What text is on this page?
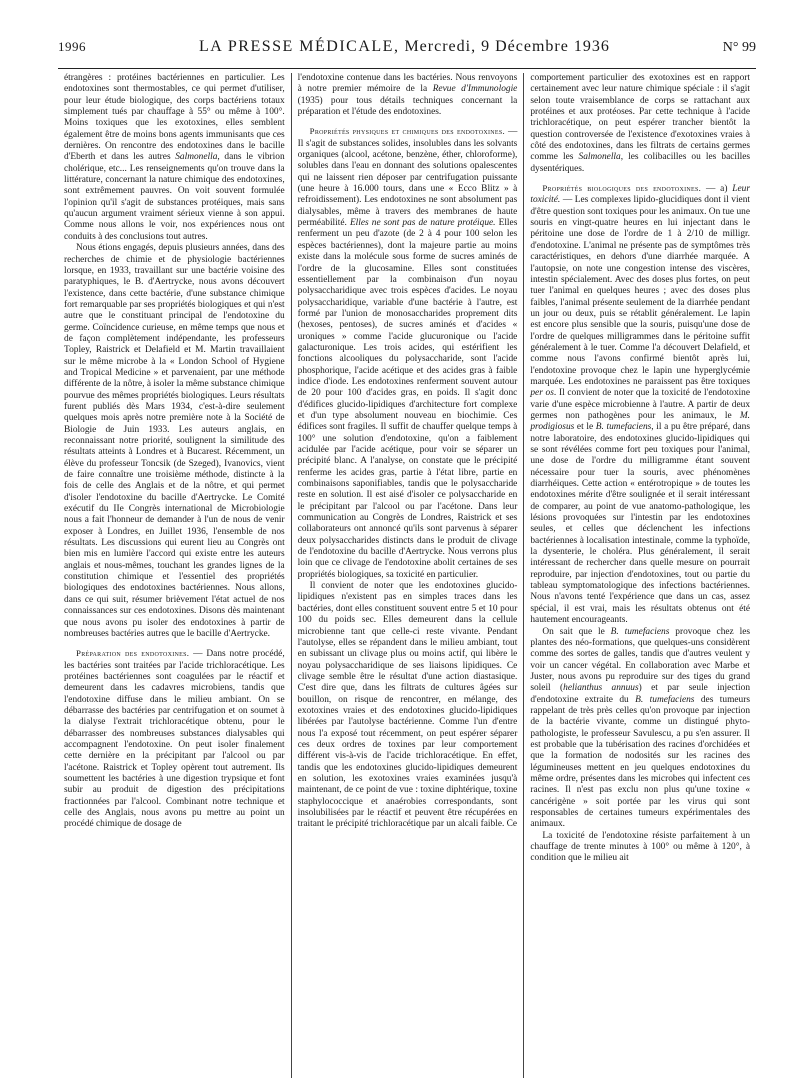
1996	LA PRESSE MÉDICALE, Mercredi, 9 Décembre 1936	N° 99

étrangères : protéines bactériennes en particulier. Les endotoxines sont thermostables, ce qui permet d'utiliser, pour leur étude biologique, des corps bactériens totaux simplement tués par chauffage à 55° ou même à 100°. Moins toxiques que les exotoxines, elles semblent également être de moins bons agents immunisants que ces dernières. On rencontre des endotoxines dans le bacille d'Eberth et dans les autres Salmonella, dans le vibrion cholérique, etc... Les renseignements qu'on trouve dans la littérature, concernant la nature chimique des endotoxines, sont extrêmement pauvres. On voit souvent formulée l'opinion qu'il s'agit de substances protéiques, mais sans qu'aucun argument vraiment sérieux vienne à son appui. Comme nous allons le voir, nos expériences nous ont conduits à des conclusions tout autres.

Nous étions engagés, depuis plusieurs années, dans des recherches de chimie et de physiologie bactériennes lorsque, en 1933, travaillant sur une bactérie voisine des paratyphiques, le B. d'Aertrycke, nous avons découvert l'existence, dans cette bactérie, d'une substance chimique fort remarquable par ses propriétés biologiques et qui n'est autre que le constituant principal de l'endotoxine du germe. Coïncidence curieuse, en même temps que nous et de façon complètement indépendante, les professeurs Topley, Raistrick et Delafield et M. Martin travaillaient sur le même microbe à la « London School of Hygiene and Tropical Medicine » et parvenaient, par une méthode différente de la nôtre, à isoler la même substance chimique pourvue des mêmes propriétés biologiques. Leurs résultats furent publiés dès Mars 1934, c'est-à-dire seulement quelques mois après notre première note à la Société de Biologie de Juin 1933. Les auteurs anglais, en reconnaissant notre priorité, soulignent la similitude des résultats atteints à Londres et à Bucarest. Récemment, un élève du professeur Toncsik (de Szeged), Ivanovics, vient de faire connaître une troisième méthode, distincte à la fois de celle des Anglais et de la nôtre, et qui permet d'isoler l'endotoxine du bacille d'Aertrycke. Le Comité exécutif du IIe Congrès international de Microbiologie nous a fait l'honneur de demander à l'un de nous de venir exposer à Londres, en Juillet 1936, l'ensemble de nos résultats. Les discussions qui eurent lieu au Congrès ont bien mis en lumière l'accord qui existe entre les auteurs anglais et nous-mêmes, touchant les grandes lignes de la constitution chimique et l'essentiel des propriétés biologiques des endotoxines bactériennes. Nous allons, dans ce qui suit, résumer brièvement l'état actuel de nos connaissances sur ces endotoxines. Disons dès maintenant que nous avons pu isoler des endotoxines à partir de nombreuses bactéries autres que le bacille d'Aertrycke.

Préparation des endotoxines. — Dans notre procédé, les bactéries sont traitées par l'acide trichloracétique. Les protéines bactériennes sont coagulées par le réactif et demeurent dans les cadavres microbiens, tandis que l'endotoxine diffuse dans le milieu ambiant. On se débarrasse des bactéries par centrifugation et on soumet à la dialyse l'extrait trichloracétique obtenu, pour le débarrasser des nombreuses substances dialysables qui accompagnent l'endotoxine. On peut isoler finalement cette dernière en la précipitant par l'alcool ou par l'acétone. Raistrick et Topley opèrent tout autrement. Ils soumettent les bactéries à une digestion trypsique et font subir au produit de digestion des précipitations fractionnées par l'alcool. Combinant notre technique et celle des Anglais, nous avons pu mettre au point un procédé chimique de dosage de

l'endotoxine contenue dans les bactéries. Nous renvoyons à notre premier mémoire de la Revue d'Immunologie (1935) pour tous détails techniques concernant la préparation et l'étude des endotoxines.

Propriétés physiques et chimiques des endotoxines. — Il s'agit de substances solides, insolubles dans les solvants organiques (alcool, acétone, benzène, éther, chloroforme), solubles dans l'eau en donnant des solutions opalescentes qui ne laissent rien déposer par centrifugation puissante (une heure à 16.000 tours, dans une « Ecco Blitz » à refroidissement). Les endotoxines ne sont absolument pas dialysables, même à travers des membranes de haute perméabilité. Elles ne sont pas de nature protéique. Elles renferment un peu d'azote (de 2 à 4 pour 100 selon les espèces bactériennes), dont la majeure partie au moins existe dans la molécule sous forme de sucres aminés de l'ordre de la glucosamine. Elles sont constituées essentiellement par la combinaison d'un noyau polysaccharidique avec trois espèces d'acides. Le noyau polysaccharidique, variable d'une bactérie à l'autre, est formé par l'union de monosaccharides proprement dits (hexoses, pentoses), de sucres aminés et d'acides « uroniques » comme l'acide glucuronique ou l'acide galacturonique. Les trois acides, qui estérifient les fonctions alcooliques du polysaccharide, sont l'acide phosphorique, l'acide acétique et des acides gras à faible indice d'iode. Les endotoxines renferment souvent autour de 20 pour 100 d'acides gras, en poids. Il s'agit donc d'édifices glucido-lipidiques d'architecture fort complexe et d'un type absolument nouveau en biochimie. Ces édifices sont fragiles. Il suffit de chauffer quelque temps à 100° une solution d'endotoxine, qu'on a faiblement acidulée par l'acide acétique, pour voir se séparer un précipité blanc. A l'analyse, on constate que le précipité renferme les acides gras, partie à l'état libre, partie en combinaisons saponifiables, tandis que le polysaccharide reste en solution. Il est aisé d'isoler ce polysaccharide en le précipitant par l'alcool ou par l'acétone. Dans leur communication au Congrès de Londres, Raistrick et ses collaborateurs ont annoncé qu'ils sont parvenus à séparer deux polysaccharides distincts dans le produit de clivage de l'endotoxine du bacille d'Aertrycke. Nous verrons plus loin que ce clivage de l'endotoxine abolit certaines de ses propriétés biologiques, sa toxicité en particulier.

Il convient de noter que les endotoxines glucido-lipidiques n'existent pas en simples traces dans les bactéries, dont elles constituent souvent entre 5 et 10 pour 100 du poids sec. Elles demeurent dans la cellule microbienne tant que celle-ci reste vivante. Pendant l'autolyse, elles se répandent dans le milieu ambiant, tout en subissant un clivage plus ou moins actif, qui libère le noyau polysaccharidique de ses liaisons lipidiques. Ce clivage semble être le résultat d'une action diastasique. C'est dire que, dans les filtrats de cultures âgées sur bouillon, on risque de rencontrer, en mélange, des exotoxines vraies et des endotoxines glucido-lipidiques libérées par l'autolyse bactérienne. Comme l'un d'entre nous l'a exposé tout récemment, on peut espérer séparer ces deux ordres de toxines par leur comportement différent vis-à-vis de l'acide trichloracétique. En effet, tandis que les endotoxines glucido-lipidiques demeurent en solution, les exotoxines vraies examinées jusqu'à maintenant, de ce point de vue : toxine diphtérique, toxine staphylococcique et anaérobies correspondants, sont insolubilisées par le réactif et peuvent être récupérées en traitant le précipité trichloracétique par un alcali faible. Ce

comportement particulier des exotoxines est en rapport certainement avec leur nature chimique spéciale : il s'agit selon toute vraisemblance de corps se rattachant aux protéines et aux protéoses. Par cette technique à l'acide trichloracétique, on peut espérer trancher bientôt la question controversée de l'existence d'exotoxines vraies à côté des endotoxines, dans les filtrats de certains germes comme les Salmonella, les colibacilles ou les bacilles dysentériques.

Propriétés biologiques des endotoxines. — a) Leur toxicité. — Les complexes lipido-glucidiques dont il vient d'être question sont toxiques pour les animaux. On tue une souris en vingt-quatre heures en lui injectant dans le péritoine une dose de l'ordre de 1 à 2/10 de milligr. d'endotoxine. L'animal ne présente pas de symptômes très caractéristiques, en dehors d'une diarrhée marquée. A l'autopsie, on note une congestion intense des viscères, intestin spécialement. Avec des doses plus fortes, on peut tuer l'animal en quelques heures ; avec des doses plus faibles, l'animal présente seulement de la diarrhée pendant un jour ou deux, puis se rétablit généralement. Le lapin est encore plus sensible que la souris, puisqu'une dose de l'ordre de quelques milligrammes dans le péritoine suffit généralement à le tuer. Comme l'a découvert Delafield, et comme nous l'avons confirmé bientôt après lui, l'endotoxine provoque chez le lapin une hyperglycémie marquée. Les endotoxines ne paraissent pas être toxiques per os. Il convient de noter que la toxicité de l'endotoxine varie d'une espèce microbienne à l'autre. A partir de deux germes non pathogènes pour les animaux, le M. prodigiosus et le B. tumefaciens, il a pu être préparé, dans notre laboratoire, des endotoxines glucido-lipidiques qui se sont révélées comme fort peu toxiques pour l'animal, une dose de l'ordre du milligramme étant souvent nécessaire pour tuer la souris, avec phénomènes diarrhéiques. Cette action « entérotropique » de toutes les endotoxines mérite d'être soulignée et il serait intéressant de comparer, au point de vue anatomo-pathologique, les lésions provoquées sur l'intestin par les endotoxines seules, et celles que déclenchent les infections bactériennes à localisation intestinale, comme la typhoïde, la dysenterie, le choléra. Plus généralement, il serait intéressant de rechercher dans quelle mesure on pourrait reproduire, par injection d'endotoxines, tout ou partie du tableau symptomatologique des infections bactériennes. Nous n'avons tenté l'expérience que dans un cas, assez spécial, il est vrai, mais les résultats obtenus ont été hautement encourageants.

On sait que le B. tumefaciens provoque chez les plantes des néo-formations, que quelques-uns considèrent comme des sortes de galles, tandis que d'autres veulent y voir un cancer végétal. En collaboration avec Marbe et Juster, nous avons pu reproduire sur des tiges du grand soleil (helianthus annuus) et par seule injection d'endotoxine extraite du B. tumefaciens des tumeurs rappelant de très près celles qu'on provoque par injection de la bactérie vivante, comme un distingué phyto-pathologiste, le professeur Savulescu, a pu s'en assurer. Il est probable que la tubérisation des racines d'orchidées et que la formation de nodosités sur les racines des légumineuses mettent en jeu quelques endotoxines du même ordre, présentes dans les microbes qui infectent ces racines. Il n'est pas exclu non plus qu'une toxine « cancérigène » soit portée par les virus qui sont responsables de certaines tumeurs expérimentales des animaux.

La toxicité de l'endotoxine résiste parfaitement à un chauffage de trente minutes à 100° ou même à 120°, à condition que le milieu ait
